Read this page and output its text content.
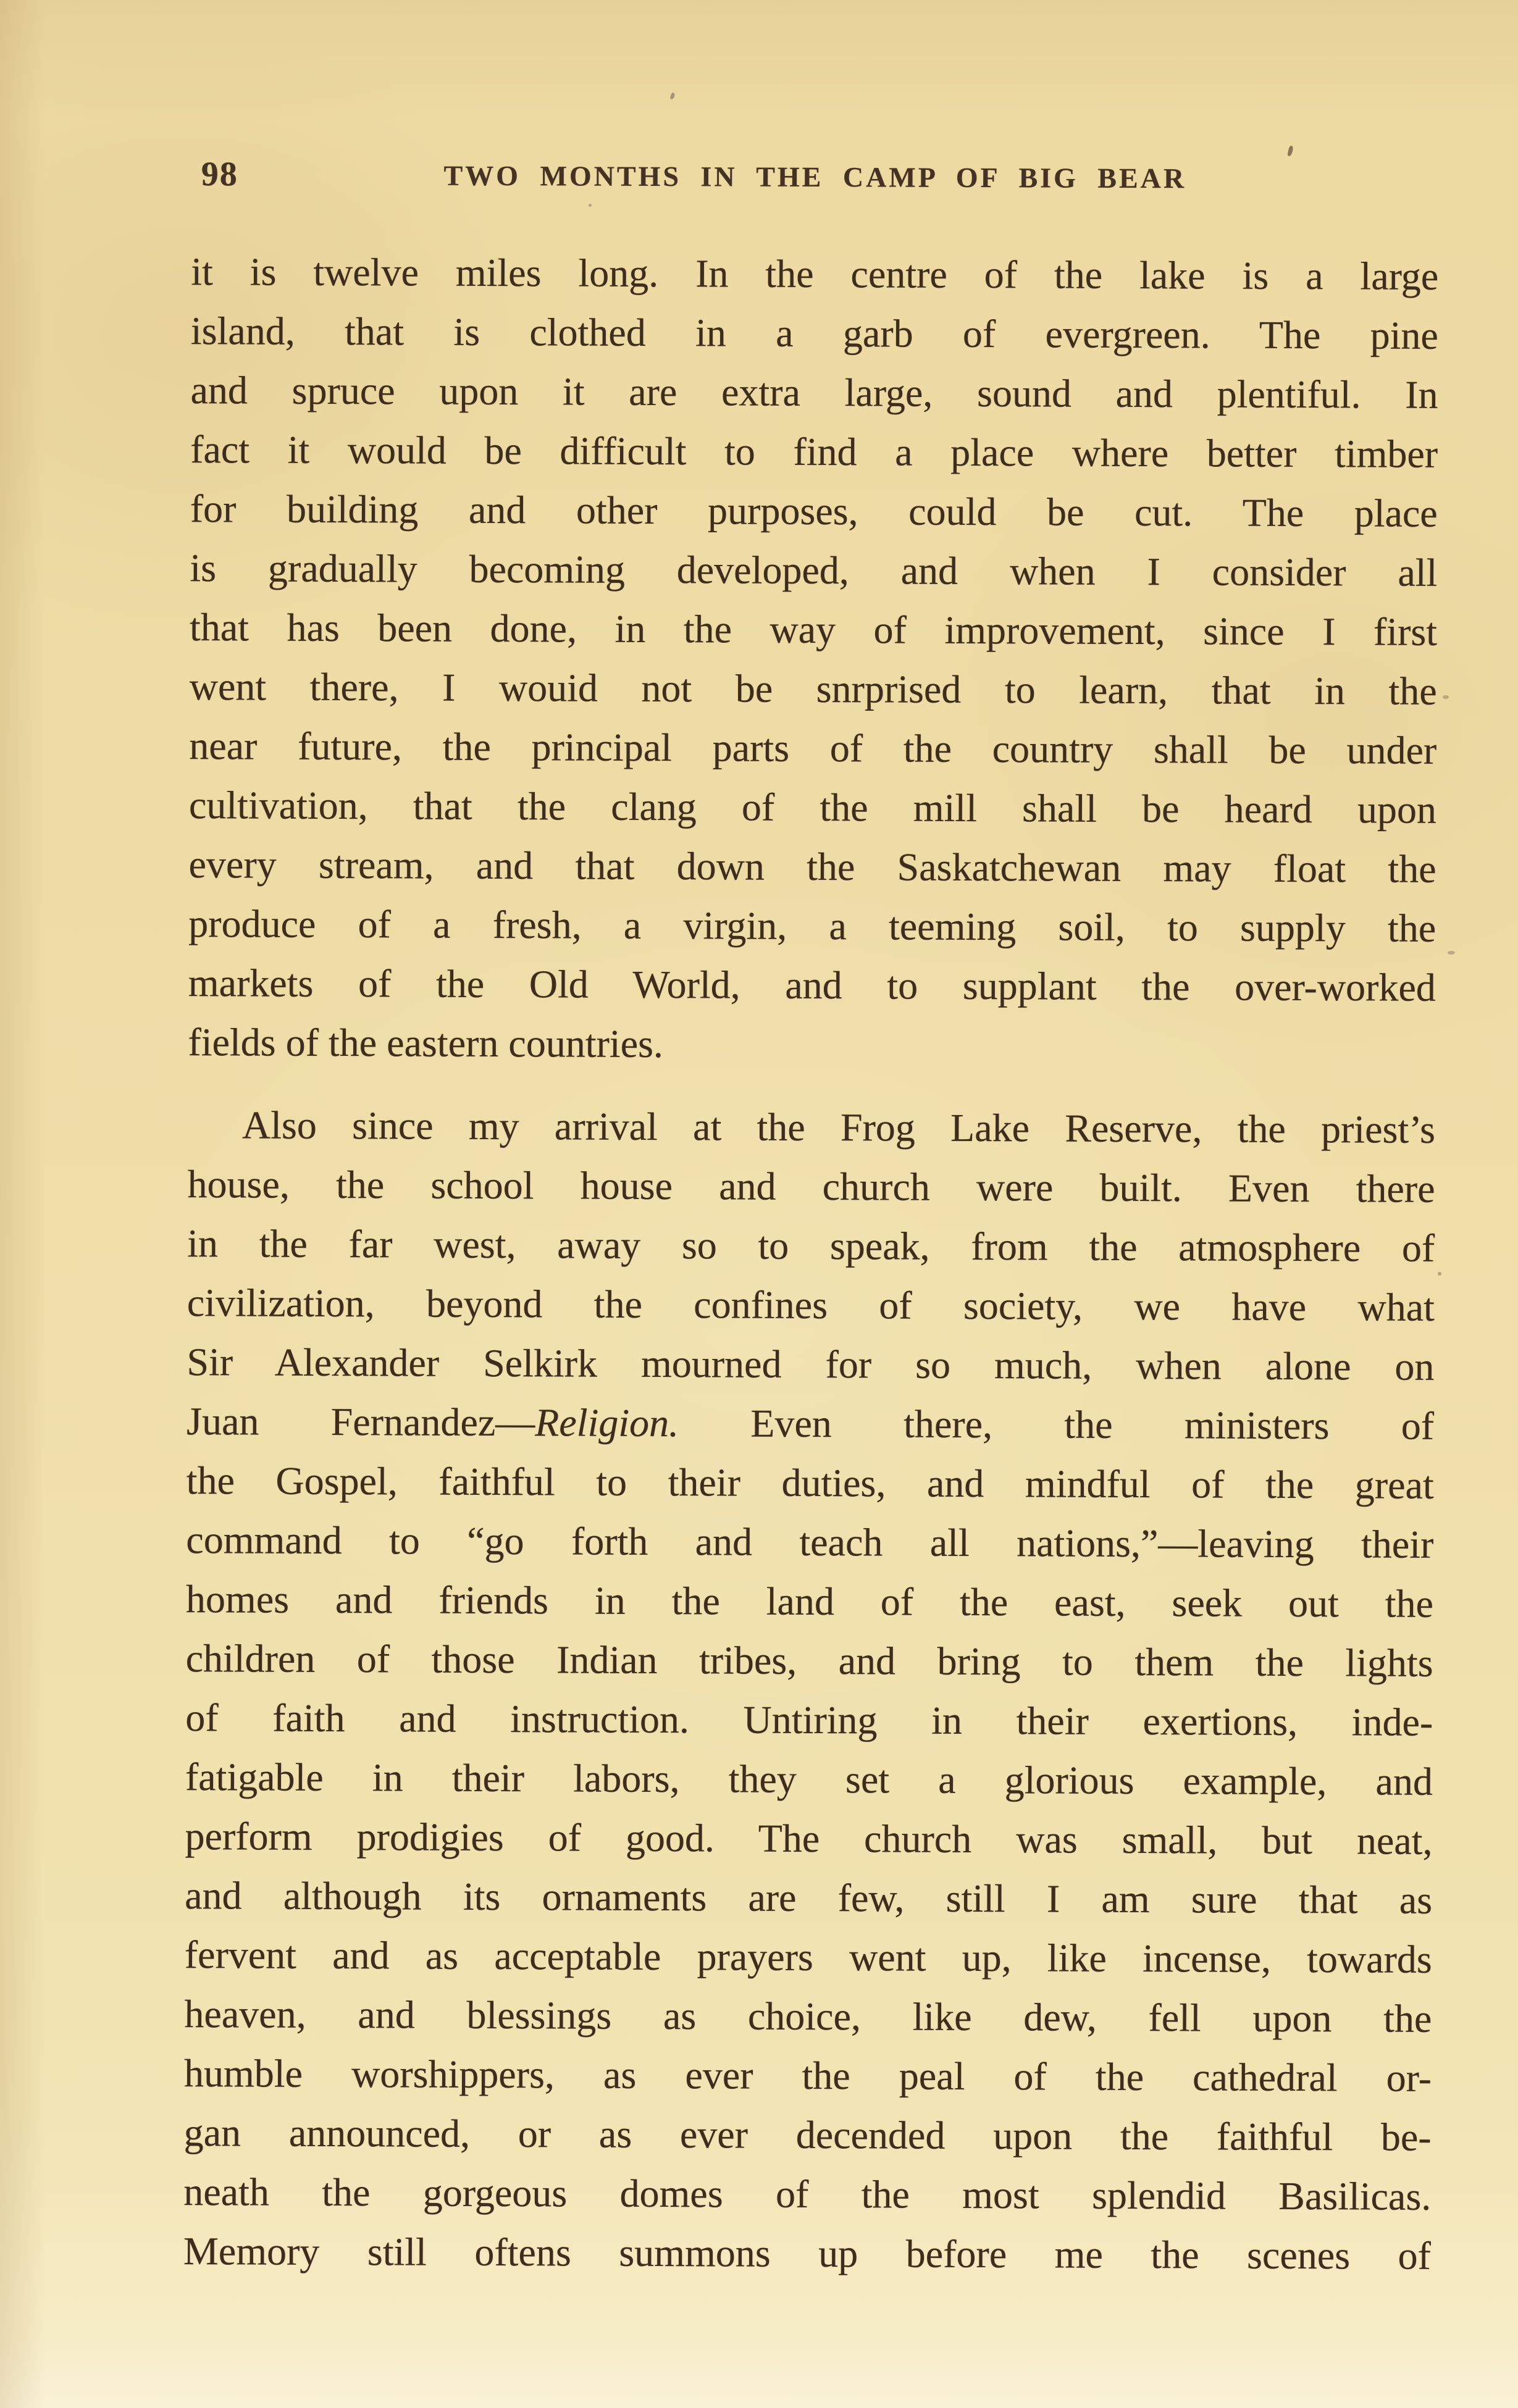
98	TWO MONTHS IN THE CAMP OF BIG BEAR
it is twelve miles long. In the centre of the lake is a large
island, that is clothed in a garb of evergreen. The pine
and spruce upon it are extra large, sound and plentiful. In
fact it would be difficult to find a place where better timber
for building and other purposes, could be cut. The place
is gradually becoming developed, and when I consider all
that has been done, in the way of improvement, since I first
went there, I wouid not be snrprised to learn, that in the
near future, the principal parts of the country shall be under
cultivation, that the clang of the mill shall be heard upon
every stream, and that down the Saskatchewan may float the
produce of a fresh, a virgin, a teeming soil, to supply the
markets of the Old World, and to supplant the over-worked
fields of the eastern countries.
Also since my arrival at the Frog Lake Reserve, the priest’s
house, the school house and church were built. Even there
in the far west, away so to speak, from the atmosphere of
civilization, beyond the confines of society, we have what
Sir Alexander Selkirk mourned for so much, when alone on
Juan Fernandez—Religion. Even there, the ministers of
the Gospel, faithful to their duties, and mindful of the great
command to “go forth and teach all nations,”—leaving their
homes and friends in the land of the east, seek out the
children of those Indian tribes, and bring to them the lights
of faith and instruction. Untiring in their exertions, inde-
fatigable in their labors, they set a glorious example, and
perform prodigies of good. The church was small, but neat,
and although its ornaments are few, still I am sure that as
fervent and as acceptable prayers went up, like incense, towards
heaven, and blessings as choice, like dew, fell upon the
humble worshippers, as ever the peal of the cathedral or-
gan announced, or as ever decended upon the faithful be-
neath the gorgeous domes of the most splendid Basilicas.
Memory still oftens summons up before me the scenes of
